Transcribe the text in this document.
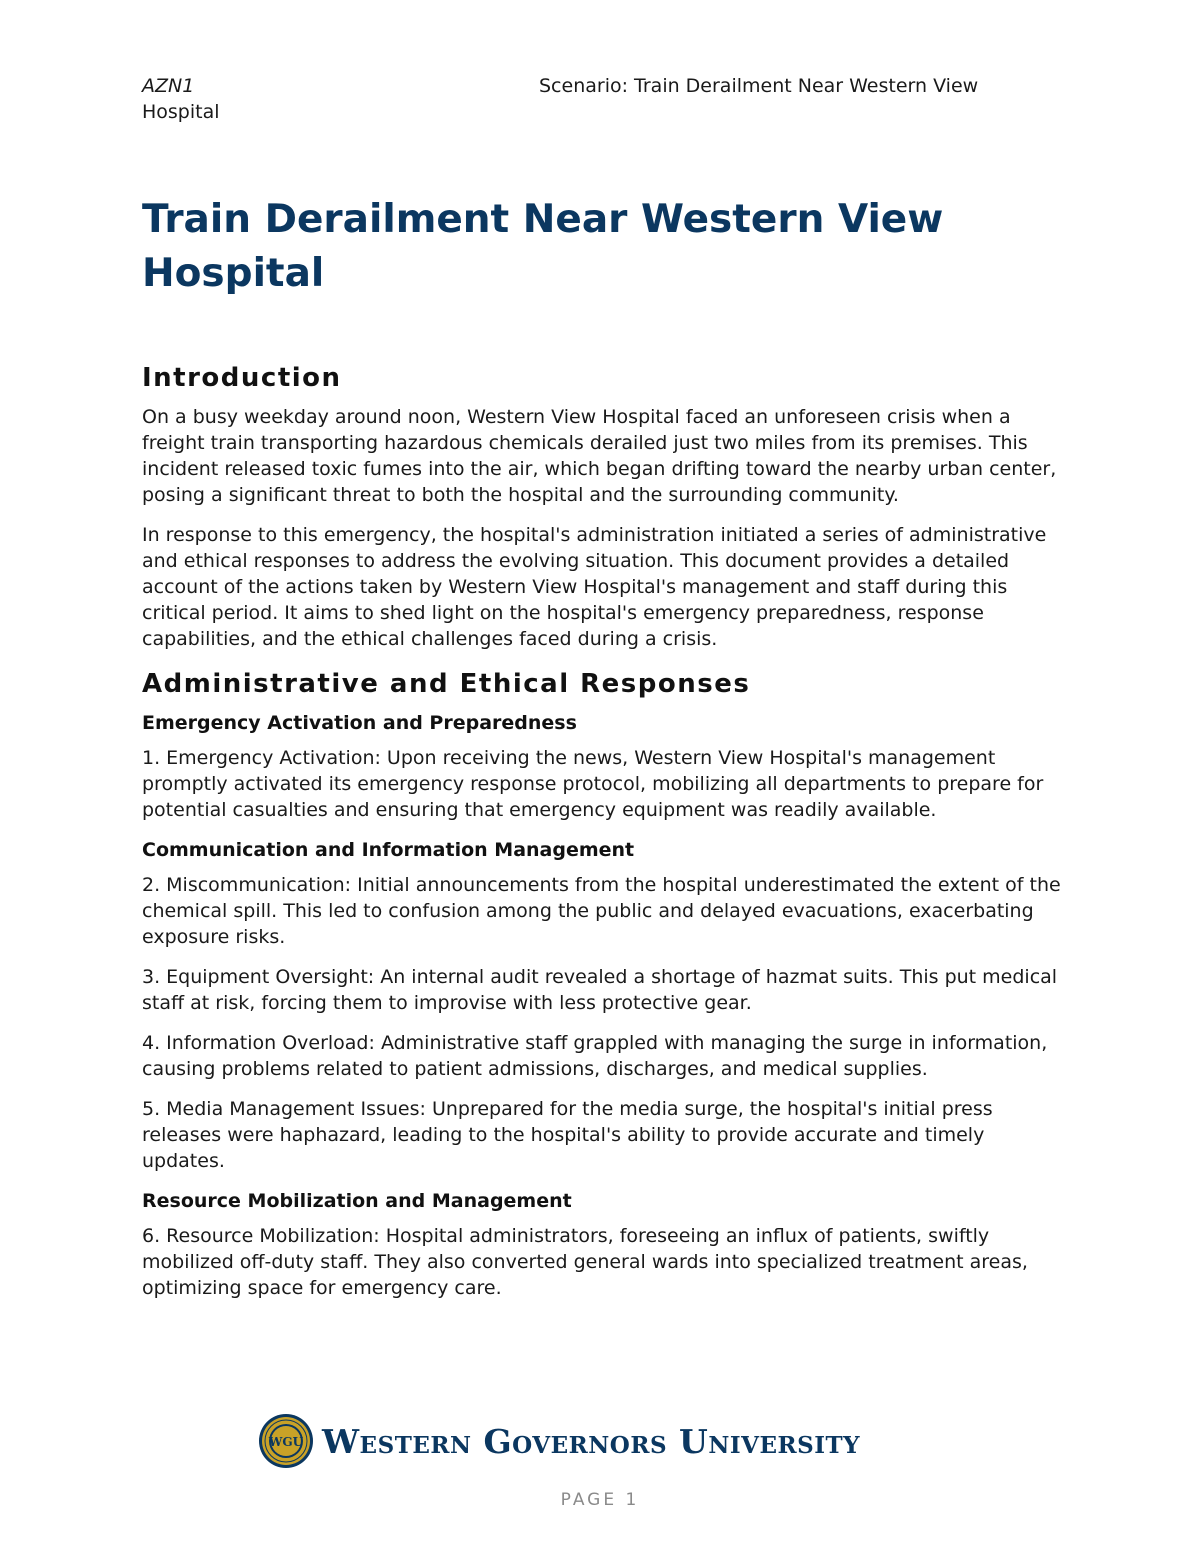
AZN1
Hospital
Scenario: Train Derailment Near Western View
Train Derailment Near Western View Hospital
Introduction

On a busy weekday around noon, Western View Hospital faced an unforeseen crisis when a freight train transporting hazardous chemicals derailed just two miles from its premises. This incident released toxic fumes into the air, which began drifting toward the nearby urban center, posing a significant threat to both the hospital and the surrounding community.

In response to this emergency, the hospital's administration initiated a series of administrative and ethical responses to address the evolving situation. This document provides a detailed account of the actions taken by Western View Hospital's management and staff during this critical period. It aims to shed light on the hospital's emergency preparedness, response capabilities, and the ethical challenges faced during a crisis.

Administrative and Ethical Responses
Emergency Activation and Preparedness

1. Emergency Activation: Upon receiving the news, Western View Hospital's management promptly activated its emergency response protocol, mobilizing all departments to prepare for potential casualties and ensuring that emergency equipment was readily available.

Communication and Information Management

2. Miscommunication: Initial announcements from the hospital underestimated the extent of the chemical spill. This led to confusion among the public and delayed evacuations, exacerbating exposure risks.

3. Equipment Oversight: An internal audit revealed a shortage of hazmat suits. This put medical staff at risk, forcing them to improvise with less protective gear.

4. Information Overload: Administrative staff grappled with managing the surge in information, causing problems related to patient admissions, discharges, and medical supplies.

5. Media Management Issues: Unprepared for the media surge, the hospital's initial press releases were haphazard, leading to the hospital's ability to provide accurate and timely updates.

Resource Mobilization and Management

6. Resource Mobilization: Hospital administrators, foreseeing an influx of patients, swiftly mobilized off-duty staff. They also converted general wards into specialized treatment areas, optimizing space for emergency care.

WGU Western Governors University
PAGE 1
